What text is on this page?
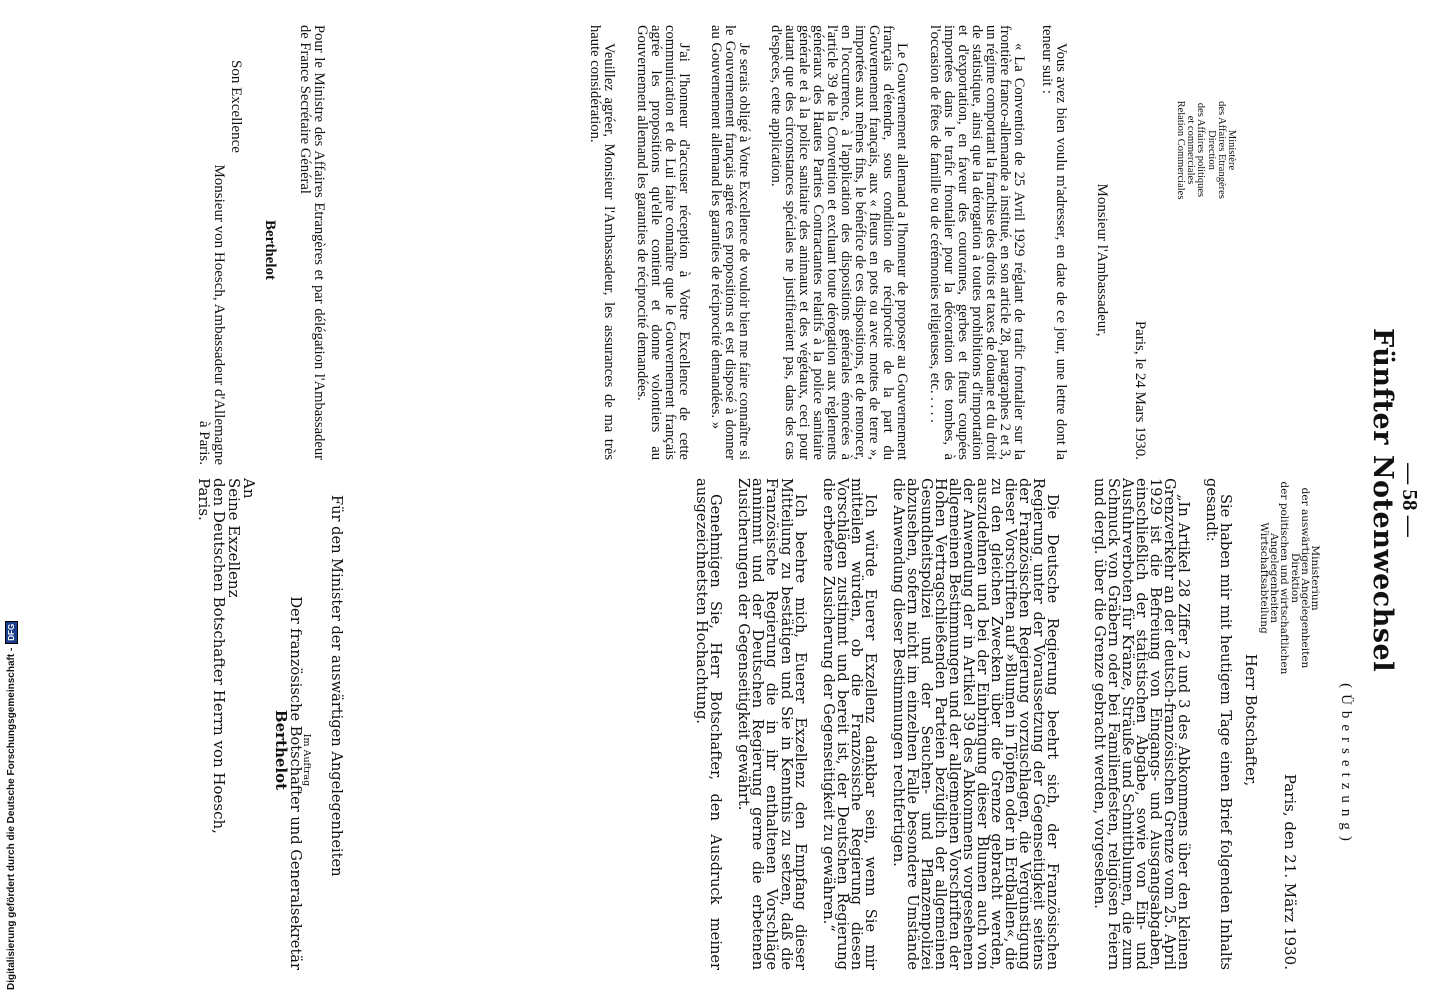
— 58 —
Fünfter Notenwechsel
(Übersetzung)
Ministerium
der auswärtigen Angelegenheiten
Direktion
der politischen und wirtschaftlichen
Angelegenheiten
Wirtschaftsabteilung
Paris, den 21. März 1930.
Herr Botschafter,

Sie haben mir mit heutigem Tage einen Brief folgenden Inhalts gesandt:

„In Artikel 28 Ziffer 2 und 3 des Abkommens über den kleinen Grenzverkehr an der deutsch-französischen Grenze vom 25. April 1929 ist die Befreiung von Eingangs- und Ausgangsabgaben, einschließlich der statistischen Abgabe, sowie von Ein- und Ausfuhrverboten für Kränze, Sträuße und Schnittblumen, die zum Schmuck von Gräbern oder bei Familienfesten, religiösen Feiern und dergl. über die Grenze gebracht werden, vorgesehen.

Die Deutsche Regierung beehrt sich, der Französischen Regierung unter der Voraussetzung der Gegenseitigkeit seitens der Französischen Regierung vorzuschlagen, die Vergünstigung dieser Vorschriften auf »Blumen in Töpfen oder in Erdballen«, die zu den gleichen Zwecken über die Grenze gebracht werden, auszudehnen und bei der Einbringung dieser Blumen auch von der Anwendung der in Artikel 39 des Abkommens vorgesehenen allgemeinen Bestimmungen und der allgemeinen Vorschriften der Hohen Vertragschließenden Parteien bezüglich der allgemeinen Gesundheitspolizei und der Seuchen- und Pflanzenpolizei abzusehen, sofern nicht im einzelnen Falle besondere Umstände die Anwendung dieser Bestimmungen rechtfertigen.

Ich würde Euerer Exzellenz dankbar sein, wenn Sie mir mitteilen würden, ob die Französische Regierung diesen Vorschlägen zustimmt und bereit ist, der Deutschen Regierung die erbetene Zusicherung der Gegenseitigkeit zu gewähren.“

Ich beehre mich, Euerer Exzellenz den Empfang dieser Mitteilung zu bestätigen und Sie in Kenntnis zu setzen, daß die Französische Regierung die in ihr enthaltenen Vorschläge annimmt und der Deutschen Regierung gerne die erbetenen Zusicherungen der Gegenseitigkeit gewährt.

Genehmigen Sie, Herr Botschafter, den Ausdruck meiner ausgezeichnetsten Hochachtung.

Für den Minister der auswärtigen Angelegenheiten
Im Auftrag
Der französische Botschafter und Generalsekretär
Berthelot
An
Seine Exzellenz
den Deutschen Botschafter Herrn von Hoesch,
Paris.
Ministère
des Affaires Etrangères
Direction
des Affaires politiques
et commerciales
Relation Commerciales
Paris, le 24 Mars 1930.
Monsieur l'Ambassadeur,

Vous avez bien voulu m'adresser, en date de ce jour, une lettre dont la teneur suit :

« La Convention de 25 Avril 1929 réglant de trafic frontalier sur la frontière franco-allemande a institué, en son article 28, paragraphes 2 et 3, un régime comportant la franchise des droits et taxes de douane et du droit de statistique, ainsi que la dérogation à toutes prohibitions d'importation et d'exportation, en faveur des couronnes, gerbes et fleurs coupées importées dans le trafic frontalier pour la décoration des tombes, à l'occasion de fêtes de famille ou de cérémonies religieuses, etc. . . . .

Le Gouvernement allemand a l'honneur de proposer au Gouvernement français d'étendre, sous condition de réciprocité de la part du Gouvernement français, aux « fleurs en pots ou avec mottes de terre », importées aux mêmes fins, le bénéfice de ces dispositions, et de renoncer, en l'occurrence, à l'application des dispositions générales énoncées à l'article 39 de la Convention et excluant toute dérogation aux règlements généraux des Hautes Parties Contractantes relatifs à la police sanitaire générale et à la police sanitaire des animaux et des végétaux, ceci pour autant que des circonstances spéciales ne justifieraient pas, dans des cas d'espèces, cette application.

Je serais obligé à Votre Excellence de vouloir bien me faire connaître si le Gouvernement français agrée ces propositions et est disposé à donner au Gouvernement allemand les garanties de réciprocité demandées. »

J'ai l'honneur d'accuser réception à Votre Excellence de cette communication et de Lui faire connaître que le Gouvernement français agrée les propositions qu'elle contient et donne volontiers au Gouvernement allemand les garanties de réciprocité demandées.

Veuillez agréer, Monsieur l'Ambassadeur, les assurances de ma très haute considération.

Pour le Ministre des Affaires Etrangères et par délégation l'Ambassadeur de France Secrétaire Général
Berthelot
Son Excellence
Monsieur von Hoesch, Ambassadeur d'Allemagne
à Paris.
Digitalisierung gefördert durch die Deutsche Forschungsgemeinschaft -
DFG
